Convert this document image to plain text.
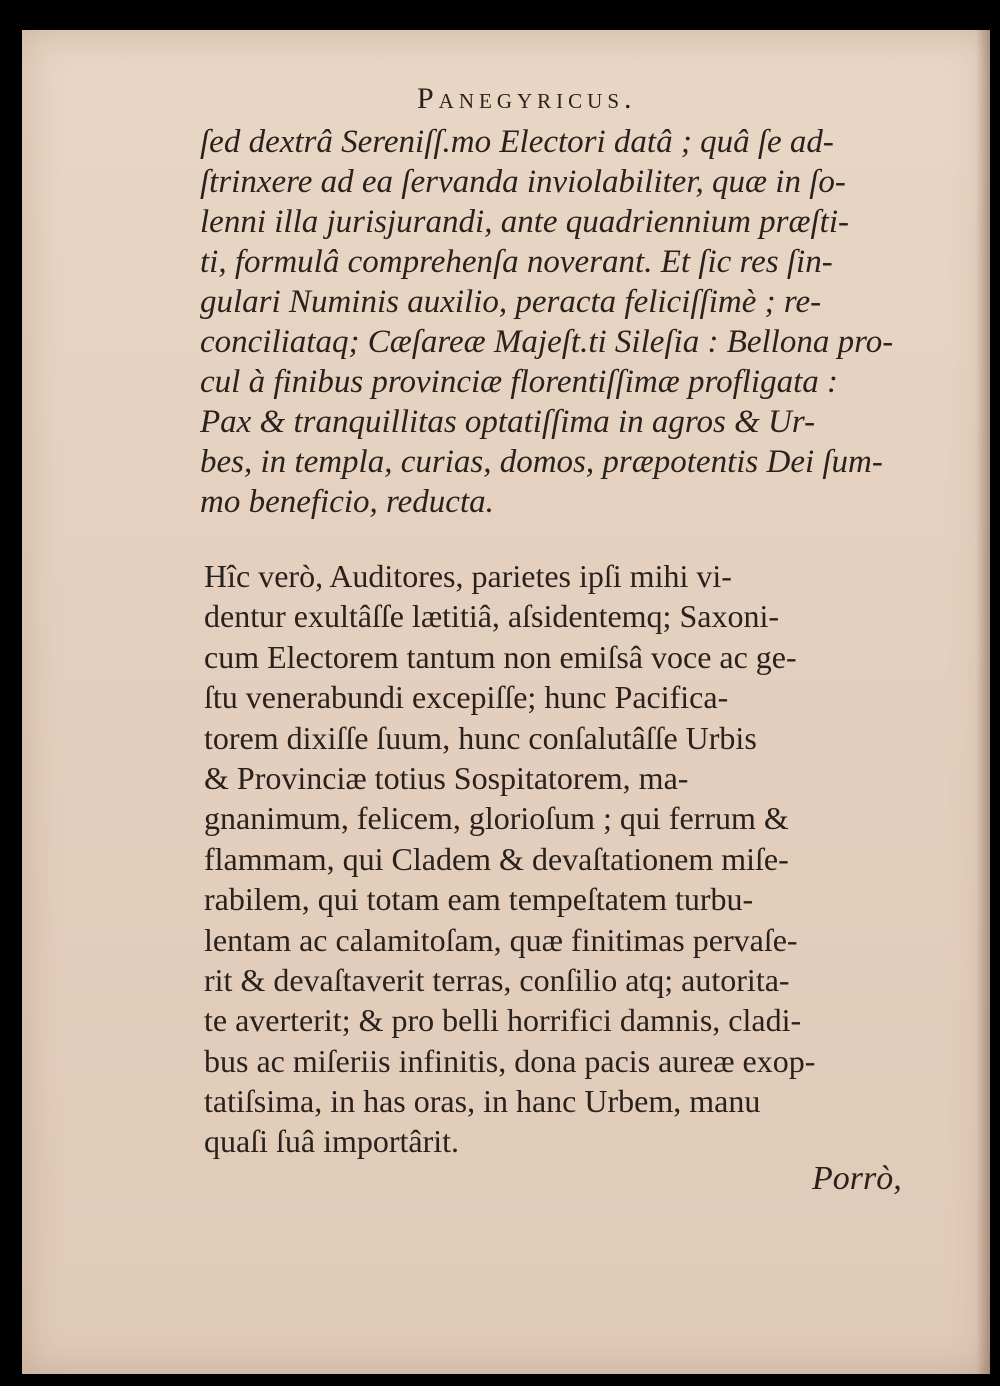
Panegyricus.
ſed dextrâ Sereniſſ.mo Electori datâ ; quâ ſe ad-
ſtrinxere ad ea ſervanda inviolabiliter, quæ in ſo-
lenni illa jurisjurandi, ante quadriennium præſti-
ti, formulâ comprehenſa noverant. Et ſic res ſin-
gulari Numinis auxilio, peracta feliciſſimè ; re-
conciliataq; Cæſareæ Majeſt.ti Sileſia : Bellona pro-
cul à finibus provinciæ florentiſſimæ profligata :
Pax & tranquillitas optatiſſima in agros & Ur-
bes, in templa, curias, domos, præpotentis Dei ſum-
mo beneficio, reducta.
Hîc verò, Auditores, parietes ipſi mihi vi-
dentur exultâſſe lætitiâ, aſsidentemq; Saxoni-
cum Electorem tantum non emiſsâ voce ac ge-
ſtu venerabundi excepiſſe; hunc Pacifica-
torem dixiſſe ſuum, hunc conſalutâſſe Urbis
& Provinciæ totius Sospitatorem, ma-
gnanimum, felicem, glorioſum ; qui ferrum &
flammam, qui Cladem & devaſtationem miſe-
rabilem, qui totam eam tempeſtatem turbu-
lentam ac calamitoſam, quæ finitimas pervaſe-
rit & devaſtaverit terras, conſilio atq; autorita-
te averterit; & pro belli horrifici damnis, cladi-
bus ac miſeriis infinitis, dona pacis aureæ exop-
tatiſsima, in has oras, in hanc Urbem, manu
quaſi ſuâ importârit.
Porrò,
